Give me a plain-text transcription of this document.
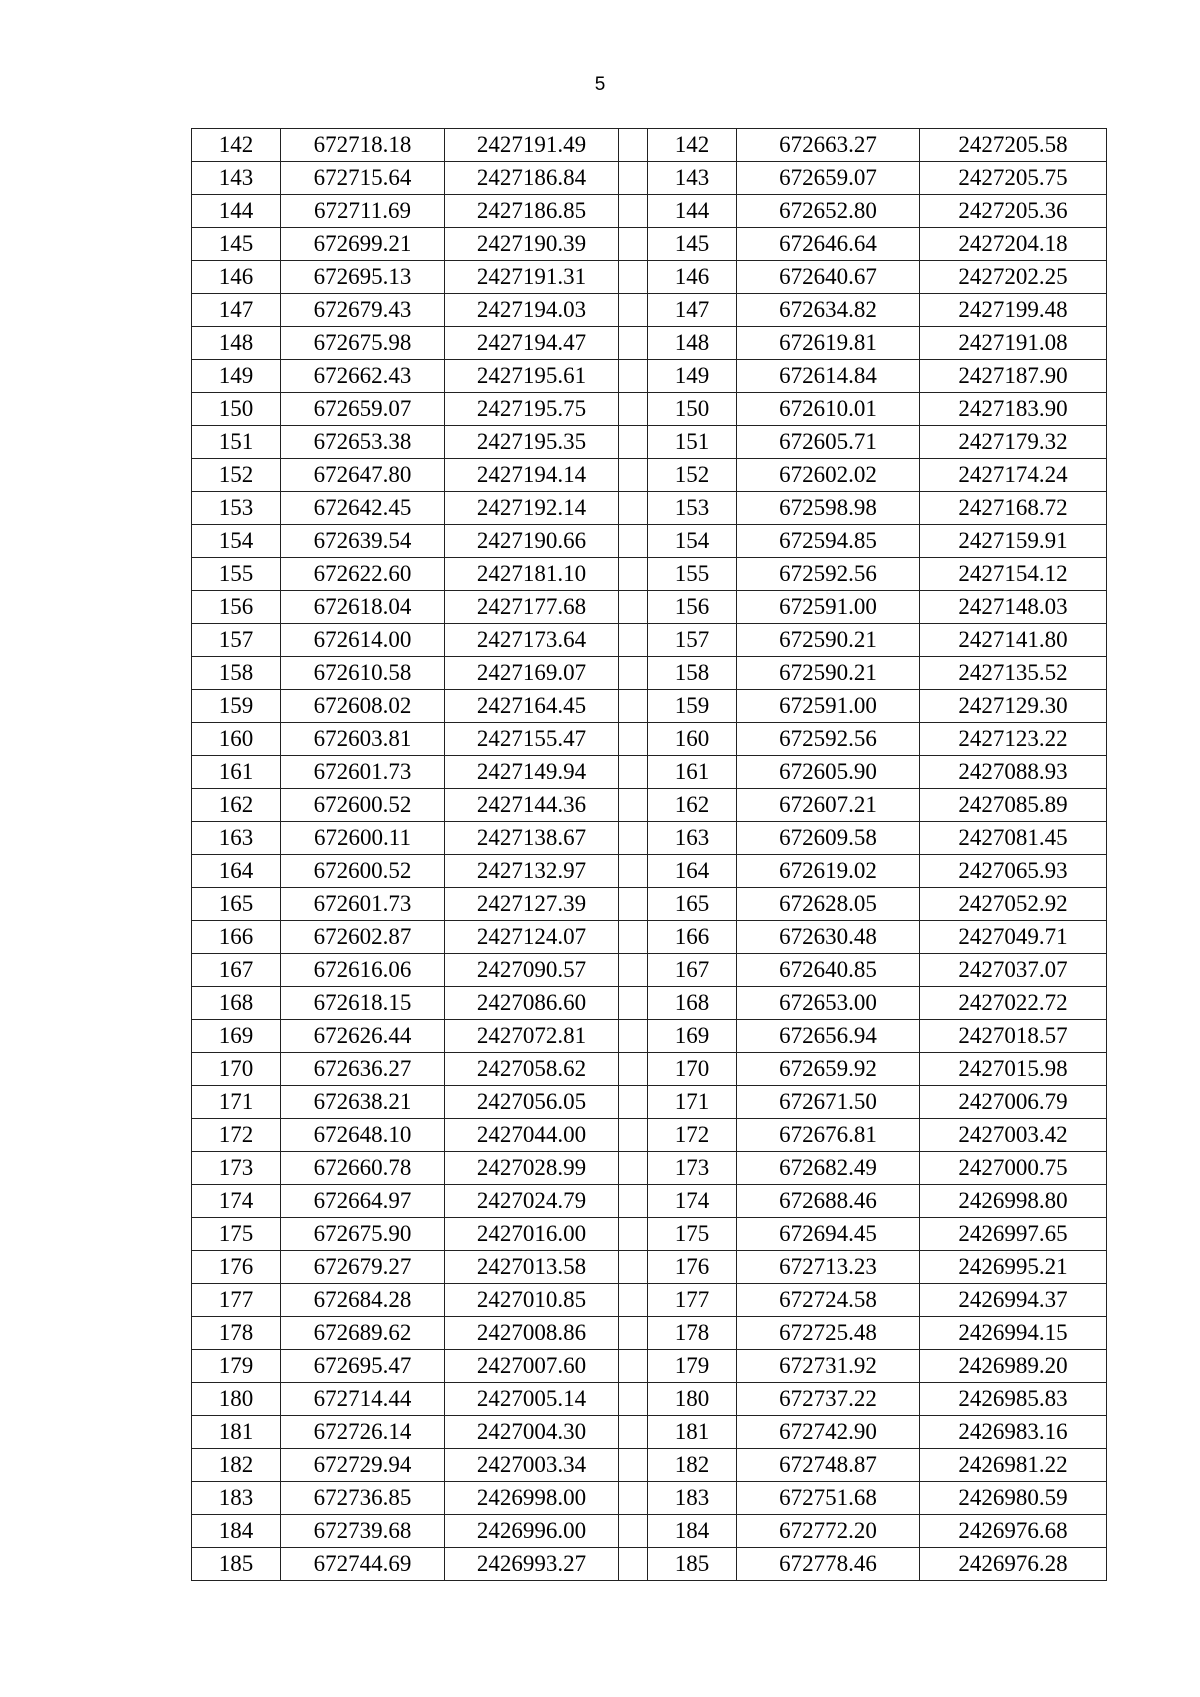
5
142	672718.18	2427191.49		142	672663.27	2427205.58
143	672715.64	2427186.84		143	672659.07	2427205.75
144	672711.69	2427186.85		144	672652.80	2427205.36
145	672699.21	2427190.39		145	672646.64	2427204.18
146	672695.13	2427191.31		146	672640.67	2427202.25
147	672679.43	2427194.03		147	672634.82	2427199.48
148	672675.98	2427194.47		148	672619.81	2427191.08
149	672662.43	2427195.61		149	672614.84	2427187.90
150	672659.07	2427195.75		150	672610.01	2427183.90
151	672653.38	2427195.35		151	672605.71	2427179.32
152	672647.80	2427194.14		152	672602.02	2427174.24
153	672642.45	2427192.14		153	672598.98	2427168.72
154	672639.54	2427190.66		154	672594.85	2427159.91
155	672622.60	2427181.10		155	672592.56	2427154.12
156	672618.04	2427177.68		156	672591.00	2427148.03
157	672614.00	2427173.64		157	672590.21	2427141.80
158	672610.58	2427169.07		158	672590.21	2427135.52
159	672608.02	2427164.45		159	672591.00	2427129.30
160	672603.81	2427155.47		160	672592.56	2427123.22
161	672601.73	2427149.94		161	672605.90	2427088.93
162	672600.52	2427144.36		162	672607.21	2427085.89
163	672600.11	2427138.67		163	672609.58	2427081.45
164	672600.52	2427132.97		164	672619.02	2427065.93
165	672601.73	2427127.39		165	672628.05	2427052.92
166	672602.87	2427124.07		166	672630.48	2427049.71
167	672616.06	2427090.57		167	672640.85	2427037.07
168	672618.15	2427086.60		168	672653.00	2427022.72
169	672626.44	2427072.81		169	672656.94	2427018.57
170	672636.27	2427058.62		170	672659.92	2427015.98
171	672638.21	2427056.05		171	672671.50	2427006.79
172	672648.10	2427044.00		172	672676.81	2427003.42
173	672660.78	2427028.99		173	672682.49	2427000.75
174	672664.97	2427024.79		174	672688.46	2426998.80
175	672675.90	2427016.00		175	672694.45	2426997.65
176	672679.27	2427013.58		176	672713.23	2426995.21
177	672684.28	2427010.85		177	672724.58	2426994.37
178	672689.62	2427008.86		178	672725.48	2426994.15
179	672695.47	2427007.60		179	672731.92	2426989.20
180	672714.44	2427005.14		180	672737.22	2426985.83
181	672726.14	2427004.30		181	672742.90	2426983.16
182	672729.94	2427003.34		182	672748.87	2426981.22
183	672736.85	2426998.00		183	672751.68	2426980.59
184	672739.68	2426996.00		184	672772.20	2426976.68
185	672744.69	2426993.27		185	672778.46	2426976.28
